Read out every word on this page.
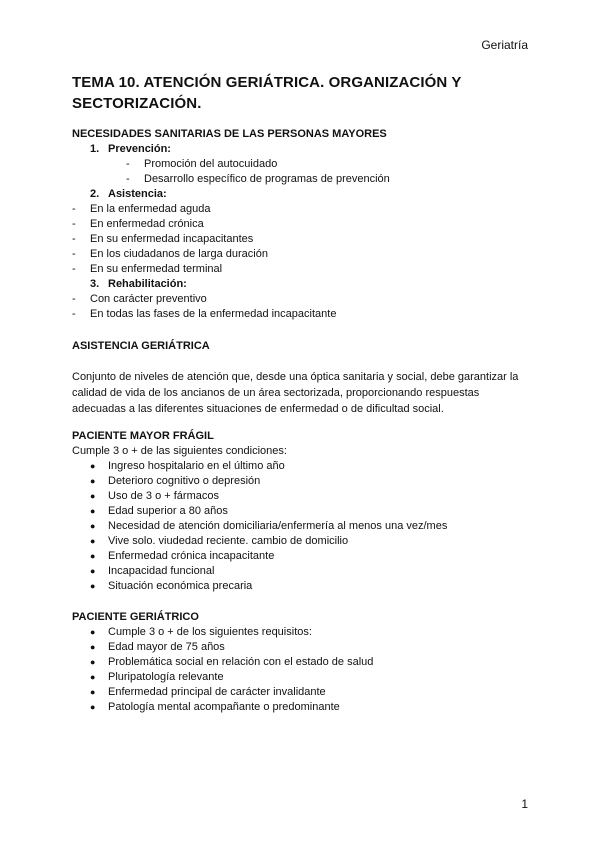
Geriatría
TEMA 10. ATENCIÓN GERIÁTRICA. ORGANIZACIÓN Y SECTORIZACIÓN.
NECESIDADES SANITARIAS DE LAS PERSONAS MAYORES
1. Prevención:
- Promoción del autocuidado
- Desarrollo específico de programas de prevención
2. Asistencia:
- En la enfermedad aguda
- En enfermedad crónica
- En su enfermedad incapacitantes
- En los ciudadanos de larga duración
- En su enfermedad terminal
3. Rehabilitación:
- Con carácter preventivo
- En todas las fases de la enfermedad incapacitante
ASISTENCIA GERIÁTRICA
Conjunto de niveles de atención que, desde una óptica sanitaria y social, debe garantizar la calidad de vida de los ancianos de un área sectorizada, proporcionando respuestas adecuadas a las diferentes situaciones de enfermedad o de dificultad social.
PACIENTE MAYOR FRÁGIL
Cumple 3 o + de las siguientes condiciones:
● Ingreso hospitalario en el último año
● Deterioro cognitivo o depresión
● Uso de 3 o + fármacos
● Edad superior a 80 años
● Necesidad de atención domiciliaria/enfermería al menos una vez/mes
● Vive solo. viudedad reciente. cambio de domicilio
● Enfermedad crónica incapacitante
● Incapacidad funcional
● Situación económica precaria
PACIENTE GERIÁTRICO
● Cumple 3 o + de los siguientes requisitos:
● Edad mayor de 75 años
● Problemática social en relación con el estado de salud
● Pluripatología relevante
● Enfermedad principal de carácter invalidante
● Patología mental acompañante o predominante
1
